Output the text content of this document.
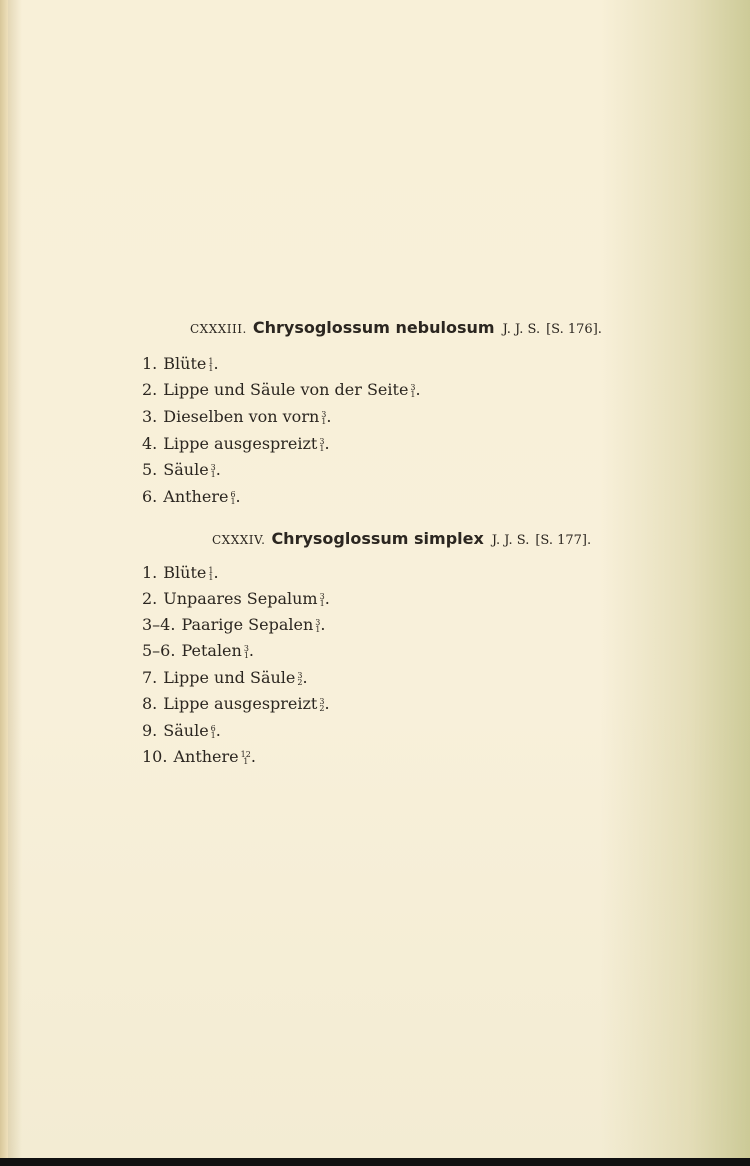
CXXXIII. Chrysoglossum nebulosum J. J. S. [S. 176].
1. Blüte 1
1 .
2. Lippe und Säule von der Seite 3
1 .
3. Dieselben von vorn 3
1 .
4. Lippe ausgespreizt 3
1 .
5. Säule 3
1 .
6. Anthere 6
1 .
CXXXIV. Chrysoglossum simplex J. J. S. [S. 177].
1. Blüte 1
1 .
2. Unpaares Sepalum 3
1 .
3–4. Paarige Sepalen 3
1 .
5–6. Petalen 3
1 .
7. Lippe und Säule 3
2 .
8. Lippe ausgespreizt 3
2 .
9. Säule 6
1 .
10. Anthere 12
1 .
